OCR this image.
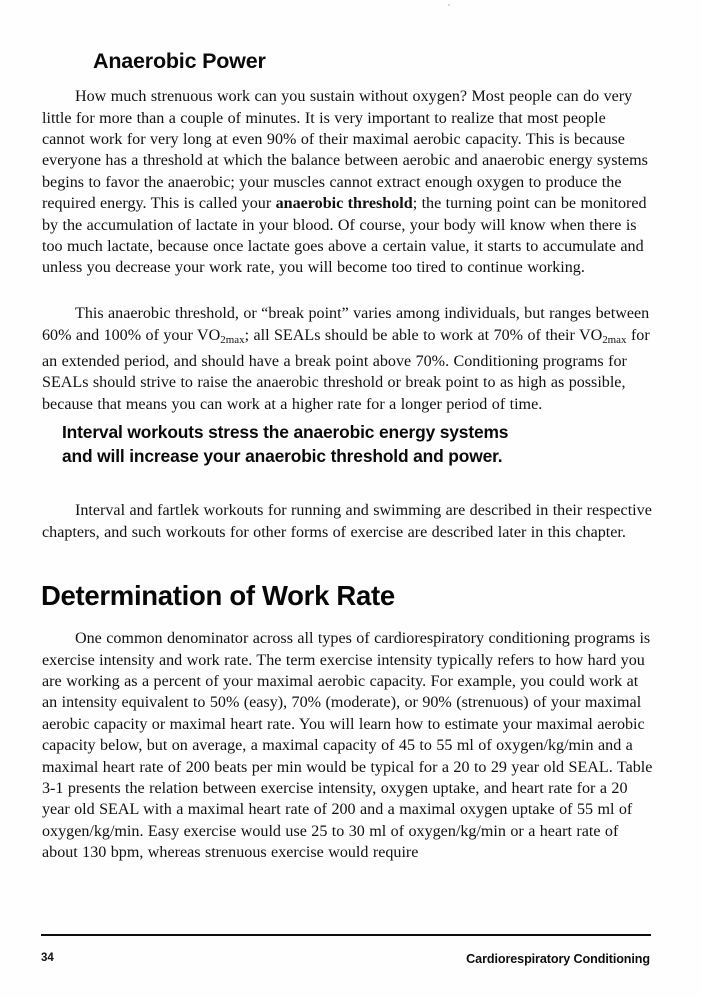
Anaerobic Power

How much strenuous work can you sustain without oxygen? Most people can do very little for more than a couple of minutes. It is very important to realize that most people cannot work for very long at even 90% of their maximal aerobic capacity. This is because everyone has a threshold at which the balance between aerobic and anaerobic energy systems begins to favor the anaerobic; your muscles cannot extract enough oxygen to produce the required energy. This is called your anaerobic threshold; the turning point can be monitored by the accumulation of lactate in your blood. Of course, your body will know when there is too much lactate, because once lactate goes above a certain value, it starts to accumulate and unless you decrease your work rate, you will become too tired to continue working.

This anaerobic threshold, or “break point” varies among individuals, but ranges between 60% and 100% of your $VO_{2max}$; all SEALs should be able to work at 70% of their $VO_{2max}$ for an extended period, and should have a break point above 70%. Conditioning programs for SEALs should strive to raise the anaerobic threshold or break point to as high as possible, because that means you can work at a higher rate for a longer period of time.

Interval workouts stress the anaerobic energy systems
and will increase your anaerobic threshold and power.

Interval and fartlek workouts for running and swimming are described in their respective chapters, and such workouts for other forms of exercise are described later in this chapter.

Determination of Work Rate

One common denominator across all types of cardiorespiratory conditioning programs is exercise intensity and work rate. The term exercise intensity typically refers to how hard you are working as a percent of your maximal aerobic capacity. For example, you could work at an intensity equivalent to 50% (easy), 70% (moderate), or 90% (strenuous) of your maximal aerobic capacity or maximal heart rate. You will learn how to estimate your maximal aerobic capacity below, but on average, a maximal capacity of 45 to 55 ml of oxygen/kg/min and a maximal heart rate of 200 beats per min would be typical for a 20 to 29 year old SEAL. Table 3-1 presents the relation between exercise intensity, oxygen uptake, and heart rate for a 20 year old SEAL with a maximal heart rate of 200 and a maximal oxygen uptake of 55 ml of oxygen/kg/min. Easy exercise would use 25 to 30 ml of oxygen/kg/min or a heart rate of about 130 bpm, whereas strenuous exercise would require

34	Cardiorespiratory Conditioning
